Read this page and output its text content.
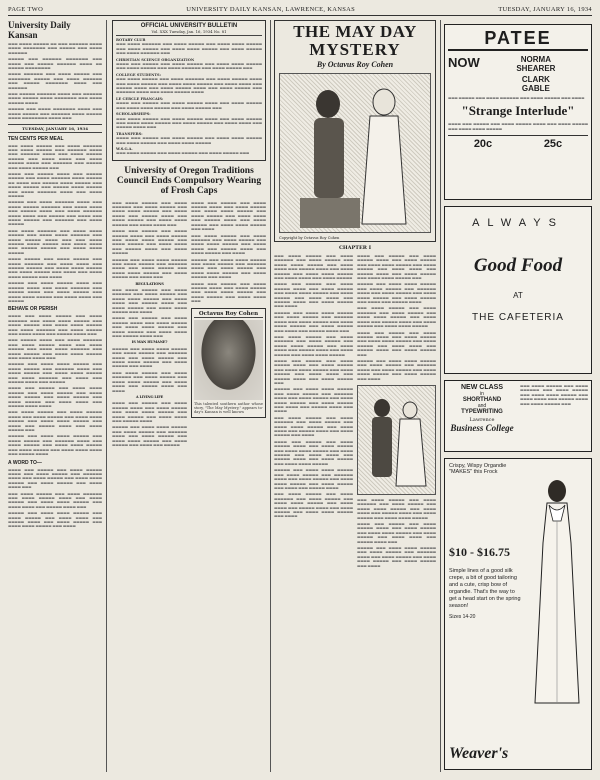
PAGE TWO	UNIVERSITY DAILY KANSAN, LAWRENCE, KANSAS	TUESDAY, JANUARY 16, 1934
University Daily Kansan

▬▬▬ ▬▬▬▬ ▬▬▬▬▬ ▬▬ ▬▬▬ ▬▬▬▬▬▬ ▬▬▬▬ ▬▬▬▬ ▬▬▬▬▬▬▬ ▬▬▬ ▬▬▬▬▬ ▬▬▬ ▬▬▬▬ ▬▬▬▬▬▬

▬▬▬▬▬ ▬▬▬ ▬▬▬▬▬▬ ▬▬▬▬▬▬▬ ▬▬▬ ▬▬▬▬ ▬▬▬ ▬▬▬▬▬ ▬▬▬▬▬▬ ▬▬▬▬ ▬▬ ▬▬▬▬▬ ▬▬▬▬▬▬▬▬

▬▬▬▬ ▬▬▬▬▬▬ ▬▬▬ ▬▬▬▬ ▬▬▬▬▬ ▬▬▬ ▬▬▬▬▬▬▬ ▬▬▬▬▬ ▬▬▬ ▬▬▬▬ ▬▬▬▬▬▬ ▬▬▬ ▬▬▬▬▬ ▬▬▬▬▬▬▬ ▬▬▬▬ ▬▬▬ ▬▬▬▬▬▬

▬▬▬ ▬▬▬▬▬ ▬▬▬▬▬▬ ▬▬▬▬ ▬▬▬ ▬▬▬▬▬▬ ▬▬▬▬ ▬▬▬▬▬ ▬▬▬▬ ▬▬▬▬▬▬▬ ▬▬▬ ▬▬▬▬ ▬▬▬▬▬ ▬▬▬▬

▬▬▬▬▬ ▬▬▬ ▬▬▬▬ ▬▬▬▬▬▬▬ ▬▬▬▬ ▬▬▬ ▬▬▬▬ ▬▬▬▬▬ ▬▬▬ ▬▬▬▬▬▬ ▬▬▬▬ ▬▬▬▬▬ ▬▬▬▬ ▬▬▬▬▬▬▬▬ ▬▬▬▬ ▬▬▬

TUESDAY, JANUARY 16, 1934
TEN CENTS PER MEAL

▬▬▬ ▬▬▬▬ ▬▬▬▬▬ ▬▬▬ ▬▬▬▬ ▬▬▬▬▬▬ ▬▬▬ ▬▬▬▬ ▬▬▬▬▬ ▬▬▬ ▬▬▬▬▬▬ ▬▬▬▬ ▬▬▬ ▬▬▬▬▬▬ ▬▬▬▬ ▬▬▬ ▬▬▬▬ ▬▬▬▬▬ ▬▬▬▬▬ ▬▬▬ ▬▬▬▬ ▬▬▬▬ ▬▬▬ ▬▬▬▬ ▬▬▬▬▬ ▬▬▬▬ ▬▬▬ ▬▬▬▬▬▬ ▬▬▬ ▬▬▬▬▬ ▬▬▬ ▬▬▬▬ ▬▬▬▬▬ ▬▬▬

▬▬▬▬ ▬▬▬ ▬▬▬▬▬ ▬▬▬▬ ▬▬▬ ▬▬▬▬▬ ▬▬▬▬▬ ▬▬▬ ▬▬▬▬ ▬▬▬▬▬▬ ▬▬▬▬ ▬▬▬▬▬ ▬▬ ▬▬▬▬ ▬▬▬ ▬▬▬▬▬ ▬▬▬▬ ▬▬▬▬▬ ▬▬▬ ▬▬▬▬ ▬▬▬▬▬ ▬▬▬ ▬▬▬▬▬ ▬▬▬▬ ▬▬▬▬▬ ▬▬▬ ▬▬▬▬ ▬▬▬▬▬▬ ▬▬▬▬ ▬▬▬ ▬▬▬▬ ▬▬▬▬▬

▬▬▬▬▬ ▬▬▬ ▬▬▬▬ ▬▬▬▬▬▬ ▬▬▬▬ ▬▬▬ ▬▬▬▬ ▬▬▬▬▬ ▬▬▬▬▬▬ ▬▬▬ ▬▬▬▬ ▬▬▬▬ ▬▬▬ ▬▬▬▬▬ ▬▬▬▬ ▬▬▬ ▬▬▬▬ ▬▬▬▬▬▬ ▬▬▬▬ ▬▬▬▬ ▬▬▬ ▬▬▬▬▬ ▬▬▬ ▬▬▬▬ ▬▬▬ ▬▬▬▬ ▬▬▬▬▬ ▬▬▬ ▬▬▬▬▬▬ ▬▬▬ ▬▬▬▬ ▬▬▬▬▬

▬▬▬ ▬▬▬▬ ▬▬▬▬▬▬ ▬▬▬ ▬▬▬▬ ▬▬▬▬ ▬▬▬▬▬ ▬▬▬ ▬▬▬▬ ▬▬▬▬ ▬▬▬▬▬▬ ▬▬▬ ▬▬▬▬ ▬▬▬▬▬ ▬▬▬▬ ▬▬▬ ▬▬▬ ▬▬▬▬ ▬▬▬▬▬ ▬▬▬▬ ▬▬▬▬▬ ▬▬▬ ▬▬▬▬ ▬▬▬▬ ▬▬▬ ▬▬▬▬▬ ▬▬▬▬▬ ▬▬▬ ▬▬▬▬ ▬▬▬▬ ▬▬▬▬▬

▬▬▬▬ ▬▬▬▬▬ ▬▬▬ ▬▬▬▬ ▬▬▬▬▬ ▬▬▬ ▬▬▬▬ ▬▬▬▬▬▬ ▬▬▬ ▬▬▬▬ ▬▬▬▬ ▬▬▬ ▬▬▬▬▬ ▬▬▬▬▬ ▬▬▬ ▬▬▬▬ ▬▬▬▬ ▬▬▬▬▬ ▬▬▬ ▬▬▬▬ ▬▬▬▬▬ ▬▬▬ ▬▬▬▬ ▬▬▬ ▬▬▬▬ ▬▬▬▬ ▬▬▬▬▬ ▬▬▬ ▬▬▬▬

▬▬▬▬▬ ▬▬▬ ▬▬▬▬ ▬▬▬▬▬ ▬▬▬▬ ▬▬▬ ▬▬▬▬▬ ▬▬▬▬ ▬▬▬ ▬▬▬▬ ▬▬▬▬▬▬ ▬▬▬ ▬▬▬▬▬ ▬▬▬▬ ▬▬▬ ▬▬▬▬ ▬▬▬▬▬ ▬▬▬ ▬▬▬▬ ▬▬▬▬ ▬▬▬▬▬ ▬▬▬ ▬▬▬▬ ▬▬▬▬ ▬▬▬ ▬▬▬▬▬

BEHAVE OR PERISH

▬▬▬▬ ▬▬▬ ▬▬▬▬ ▬▬▬▬▬ ▬▬▬ ▬▬▬▬ ▬▬▬▬▬▬ ▬▬▬ ▬▬▬▬ ▬▬▬▬ ▬▬▬▬▬ ▬▬▬ ▬▬▬▬ ▬▬▬▬▬ ▬▬▬ ▬▬▬▬ ▬▬▬▬ ▬▬▬▬▬ ▬▬▬ ▬▬▬▬ ▬▬▬▬▬▬ ▬▬▬ ▬▬▬▬ ▬▬▬▬▬ ▬▬▬ ▬▬▬▬ ▬▬▬▬ ▬▬▬ ▬▬▬▬▬ ▬▬▬▬ ▬▬▬

▬▬▬ ▬▬▬▬▬ ▬▬▬▬ ▬▬▬ ▬▬▬▬ ▬▬▬▬▬▬ ▬▬▬ ▬▬▬▬ ▬▬▬▬▬ ▬▬▬▬ ▬▬▬ ▬▬▬▬ ▬▬▬▬▬ ▬▬▬ ▬▬▬▬ ▬▬▬▬ ▬▬▬▬▬▬ ▬▬▬ ▬▬▬▬ ▬▬▬▬▬ ▬▬▬ ▬▬▬▬ ▬▬▬▬ ▬▬▬▬▬ ▬▬▬ ▬▬▬▬ ▬▬▬▬ ▬▬▬

▬▬▬▬▬ ▬▬▬ ▬▬▬▬ ▬▬▬▬ ▬▬▬▬▬ ▬▬▬ ▬▬▬▬ ▬▬▬▬▬ ▬▬▬ ▬▬▬▬▬▬ ▬▬▬▬ ▬▬▬ ▬▬▬▬ ▬▬▬▬▬ ▬▬▬ ▬▬▬▬ ▬▬▬▬ ▬▬▬▬▬ ▬▬▬ ▬▬▬▬ ▬▬▬▬▬▬ ▬▬▬ ▬▬▬▬ ▬▬▬ ▬▬▬▬▬ ▬▬▬▬ ▬▬▬ ▬▬▬▬▬

▬▬▬▬ ▬▬▬ ▬▬▬▬▬ ▬▬▬ ▬▬▬▬ ▬▬▬▬ ▬▬▬▬▬ ▬▬▬ ▬▬▬▬ ▬▬▬▬▬ ▬▬▬ ▬▬▬▬ ▬▬▬▬ ▬▬▬▬▬ ▬▬▬ ▬▬▬▬ ▬▬▬▬▬ ▬▬▬ ▬▬▬▬ ▬▬▬▬▬ ▬▬▬ ▬▬▬▬ ▬▬▬▬ ▬▬▬ ▬▬▬▬▬ ▬▬▬▬ ▬▬▬▬

▬▬▬ ▬▬▬▬ ▬▬▬▬▬ ▬▬▬ ▬▬▬▬ ▬▬▬▬▬ ▬▬▬▬ ▬▬▬ ▬▬▬▬ ▬▬▬▬▬ ▬▬▬ ▬▬▬▬ ▬▬▬▬ ▬▬▬▬▬ ▬▬▬ ▬▬▬▬ ▬▬▬▬ ▬▬▬▬▬ ▬▬▬ ▬▬▬▬ ▬▬▬ ▬▬▬▬▬ ▬▬▬▬ ▬▬▬ ▬▬▬▬ ▬▬▬▬▬ ▬▬▬

▬▬▬▬▬ ▬▬▬ ▬▬▬▬ ▬▬▬▬ ▬▬▬▬▬ ▬▬▬ ▬▬▬▬ ▬▬▬▬▬ ▬▬▬ ▬▬▬▬▬▬ ▬▬▬▬ ▬▬▬ ▬▬▬▬ ▬▬▬▬▬ ▬▬▬ ▬▬▬▬ ▬▬▬▬ ▬▬▬▬▬ ▬▬▬ ▬▬▬▬ ▬▬▬▬▬ ▬▬▬ ▬▬▬▬ ▬▬▬▬ ▬▬▬▬ ▬▬▬ ▬▬▬▬▬ ▬▬▬▬

A WORD TO—

▬▬▬▬ ▬▬▬ ▬▬▬▬▬ ▬▬▬ ▬▬▬▬ ▬▬▬▬▬ ▬▬▬▬ ▬▬▬ ▬▬▬▬ ▬▬▬▬▬ ▬▬▬ ▬▬▬▬▬▬ ▬▬▬▬ ▬▬▬ ▬▬▬▬ ▬▬▬▬▬ ▬▬▬ ▬▬▬▬ ▬▬▬▬ ▬▬▬▬▬ ▬▬▬ ▬▬▬▬ ▬▬▬▬▬ ▬▬▬ ▬▬▬▬ ▬▬▬▬ ▬▬▬

▬▬▬ ▬▬▬▬ ▬▬▬▬▬ ▬▬▬ ▬▬▬▬ ▬▬▬▬▬▬ ▬▬▬ ▬▬▬▬ ▬▬▬▬▬ ▬▬▬▬ ▬▬▬ ▬▬▬▬ ▬▬▬▬▬ ▬▬▬ ▬▬▬▬ ▬▬▬▬ ▬▬▬▬▬ ▬▬▬ ▬▬▬▬ ▬▬▬▬ ▬▬▬ ▬▬▬▬▬ ▬▬▬▬ ▬▬▬

▬▬▬▬▬ ▬▬▬ ▬▬▬▬ ▬▬▬▬ ▬▬▬▬▬ ▬▬▬ ▬▬▬▬ ▬▬▬▬▬ ▬▬▬ ▬▬▬▬ ▬▬▬▬ ▬▬▬ ▬▬▬▬▬ ▬▬▬▬ ▬▬▬ ▬▬▬▬ ▬▬▬▬▬ ▬▬▬ ▬▬▬▬ ▬▬▬▬ ▬▬▬▬▬ ▬▬▬ ▬▬▬▬

OFFICIAL UNIVERSITY BULLETIN
Vol. XXX Tuesday, Jan. 16, 1934 No. 81
ROTARY CLUB

▬▬▬ ▬▬▬▬ ▬▬▬▬▬▬ ▬▬▬ ▬▬▬▬ ▬▬▬▬▬ ▬▬▬ ▬▬▬▬ ▬▬▬▬ ▬▬▬▬▬ ▬▬▬ ▬▬▬▬ ▬▬▬▬▬ ▬▬▬ ▬▬▬▬ ▬▬▬▬ ▬▬▬▬▬ ▬▬▬ ▬▬▬▬ ▬▬▬▬▬ ▬▬▬ ▬▬▬▬ ▬▬▬▬▬▬ ▬▬▬

CHRISTIAN SCIENCE ORGANIZATION

▬▬▬▬ ▬▬▬ ▬▬▬▬▬ ▬▬▬ ▬▬▬▬ ▬▬▬▬▬ ▬▬▬ ▬▬▬▬ ▬▬▬▬ ▬▬▬▬▬ ▬▬▬ ▬▬▬▬ ▬▬▬▬▬ ▬▬▬ ▬▬▬▬ ▬▬▬▬▬▬ ▬▬▬ ▬▬▬▬ ▬▬▬▬▬ ▬▬▬

COLLEGE STUDENTS:

▬▬▬ ▬▬▬▬ ▬▬▬▬▬ ▬▬▬ ▬▬▬▬ ▬▬▬▬▬▬ ▬▬▬ ▬▬▬▬ ▬▬▬▬▬ ▬▬▬▬ ▬▬▬ ▬▬▬▬ ▬▬▬▬▬ ▬▬▬ ▬▬▬▬ ▬▬▬▬ ▬▬▬▬▬ ▬▬▬ ▬▬▬▬ ▬▬▬▬ ▬▬▬ ▬▬▬▬▬ ▬▬▬▬ ▬▬▬ ▬▬▬▬ ▬▬▬▬▬ ▬▬▬▬ ▬▬▬ ▬▬▬▬ ▬▬▬▬▬ ▬▬▬ ▬▬▬▬▬▬ ▬▬▬▬ ▬▬▬ ▬▬▬▬ ▬▬▬▬▬ ▬▬▬▬

LE CERCLE FRANCAIS:

▬▬▬▬ ▬▬▬ ▬▬▬▬▬ ▬▬▬ ▬▬▬▬ ▬▬▬▬▬ ▬▬▬▬ ▬▬▬ ▬▬▬▬ ▬▬▬▬▬ ▬▬▬ ▬▬▬▬ ▬▬▬▬ ▬▬▬▬▬ ▬▬▬ ▬▬▬▬ ▬▬▬▬▬ ▬▬▬

SCHOLARSHIPS:

▬▬▬ ▬▬▬▬ ▬▬▬▬▬ ▬▬▬ ▬▬▬▬ ▬▬▬▬▬ ▬▬▬▬ ▬▬▬ ▬▬▬▬ ▬▬▬▬▬ ▬▬▬ ▬▬▬▬ ▬▬▬▬ ▬▬▬▬▬ ▬▬▬ ▬▬▬▬ ▬▬▬▬▬ ▬▬▬ ▬▬▬▬ ▬▬▬▬ ▬▬▬ ▬▬▬▬▬ ▬▬▬▬ ▬▬▬

TRANSFERS:

▬▬▬▬ ▬▬▬ ▬▬▬▬▬ ▬▬▬ ▬▬▬▬ ▬▬▬▬▬ ▬▬▬ ▬▬▬▬ ▬▬▬▬ ▬▬▬▬▬ ▬▬▬ ▬▬▬▬ ▬▬▬▬▬ ▬▬▬ ▬▬▬▬ ▬▬▬▬ ▬▬▬▬▬

W.S.G.A.

▬▬▬ ▬▬▬▬ ▬▬▬▬▬ ▬▬▬ ▬▬▬▬ ▬▬▬▬▬ ▬▬▬ ▬▬▬▬ ▬▬▬▬▬ ▬▬▬

University of Oregon Traditions Council Ends Compulsory Wearing of Frosh Caps

▬▬▬ ▬▬▬▬ ▬▬▬▬▬ ▬▬▬ ▬▬▬▬ ▬▬▬▬▬▬ ▬▬▬ ▬▬▬▬ ▬▬▬▬▬ ▬▬▬ ▬▬▬▬ ▬▬▬▬ ▬▬▬▬▬ ▬▬▬ ▬▬▬▬ ▬▬▬▬ ▬▬▬ ▬▬▬▬▬ ▬▬▬▬ ▬▬▬ ▬▬▬▬ ▬▬▬▬▬ ▬▬▬ ▬▬▬▬ ▬▬▬▬ ▬▬▬▬▬ ▬▬▬ ▬▬▬▬ ▬▬▬▬ ▬▬▬

▬▬▬▬ ▬▬▬ ▬▬▬▬▬ ▬▬▬ ▬▬▬▬ ▬▬▬▬▬ ▬▬▬▬ ▬▬▬ ▬▬▬▬ ▬▬▬▬▬ ▬▬▬ ▬▬▬▬ ▬▬▬▬ ▬▬▬▬▬ ▬▬▬ ▬▬▬▬ ▬▬▬▬▬ ▬▬▬ ▬▬▬▬ ▬▬▬▬ ▬▬▬ ▬▬▬▬▬ ▬▬▬▬ ▬▬▬ ▬▬▬▬ ▬▬▬▬▬

▬▬▬▬▬ ▬▬▬ ▬▬▬▬ ▬▬▬▬ ▬▬▬▬▬ ▬▬▬ ▬▬▬▬ ▬▬▬▬▬ ▬▬▬ ▬▬▬▬▬▬ ▬▬▬▬ ▬▬▬ ▬▬▬▬ ▬▬▬▬▬ ▬▬▬ ▬▬▬▬ ▬▬▬▬ ▬▬▬▬▬ ▬▬▬ ▬▬▬▬ ▬▬▬▬▬ ▬▬▬ ▬▬▬▬ ▬▬▬

REGULATIONS

▬▬▬ ▬▬▬▬ ▬▬▬▬▬ ▬▬▬ ▬▬▬▬ ▬▬▬▬▬▬ ▬▬▬ ▬▬▬▬ ▬▬▬▬▬ ▬▬▬ ▬▬▬▬ ▬▬▬▬ ▬▬▬▬▬ ▬▬▬ ▬▬▬▬ ▬▬▬▬ ▬▬▬ ▬▬▬▬▬ ▬▬▬▬ ▬▬▬ ▬▬▬▬ ▬▬▬▬▬ ▬▬▬ ▬▬▬▬ ▬▬▬▬ ▬▬▬▬▬ ▬▬▬ ▬▬▬▬

▬▬▬▬ ▬▬▬ ▬▬▬▬▬ ▬▬▬ ▬▬▬▬ ▬▬▬▬▬ ▬▬▬▬ ▬▬▬ ▬▬▬▬ ▬▬▬▬▬ ▬▬▬ ▬▬▬▬ ▬▬▬▬ ▬▬▬▬▬ ▬▬▬ ▬▬▬▬ ▬▬▬▬▬ ▬▬▬ ▬▬▬▬ ▬▬▬▬ ▬▬▬ ▬▬▬▬▬ ▬▬▬▬ ▬▬▬

IS MAN HUMANE?

▬▬▬▬▬ ▬▬▬ ▬▬▬▬ ▬▬▬▬ ▬▬▬▬▬ ▬▬▬ ▬▬▬▬ ▬▬▬▬▬ ▬▬▬ ▬▬▬▬▬▬ ▬▬▬▬ ▬▬▬ ▬▬▬▬ ▬▬▬▬▬ ▬▬▬ ▬▬▬▬ ▬▬▬▬ ▬▬▬▬▬ ▬▬▬ ▬▬▬▬ ▬▬▬▬▬ ▬▬▬ ▬▬▬▬

▬▬▬ ▬▬▬▬ ▬▬▬▬▬ ▬▬▬ ▬▬▬▬ ▬▬▬▬▬▬ ▬▬▬ ▬▬▬▬ ▬▬▬▬▬ ▬▬▬ ▬▬▬▬ ▬▬▬▬ ▬▬▬▬▬ ▬▬▬ ▬▬▬▬ ▬▬▬▬ ▬▬▬ ▬▬▬▬▬ ▬▬▬▬ ▬▬▬ ▬▬▬▬

A LIVING LIFE

▬▬▬▬ ▬▬▬ ▬▬▬▬▬ ▬▬▬ ▬▬▬▬ ▬▬▬▬▬ ▬▬▬▬ ▬▬▬ ▬▬▬▬ ▬▬▬▬▬ ▬▬▬ ▬▬▬▬ ▬▬▬▬ ▬▬▬▬▬ ▬▬▬ ▬▬▬▬ ▬▬▬▬▬ ▬▬▬ ▬▬▬▬ ▬▬▬▬ ▬▬▬ ▬▬▬▬▬ ▬▬▬▬

▬▬▬▬▬ ▬▬▬ ▬▬▬▬ ▬▬▬▬ ▬▬▬▬▬ ▬▬▬ ▬▬▬▬ ▬▬▬▬▬ ▬▬▬ ▬▬▬▬▬▬ ▬▬▬▬ ▬▬▬ ▬▬▬▬ ▬▬▬▬▬ ▬▬▬ ▬▬▬▬ ▬▬▬▬ ▬▬▬▬▬ ▬▬▬ ▬▬▬▬ ▬▬▬▬▬ ▬▬▬ ▬▬▬▬ ▬▬▬ ▬▬▬▬▬

▬▬▬▬ ▬▬▬ ▬▬▬▬▬ ▬▬▬ ▬▬▬▬ ▬▬▬▬▬ ▬▬▬▬ ▬▬▬ ▬▬▬▬ ▬▬▬▬▬ ▬▬▬ ▬▬▬▬ ▬▬▬▬ ▬▬▬▬▬ ▬▬▬ ▬▬▬▬ ▬▬▬▬▬ ▬▬▬ ▬▬▬▬ ▬▬▬▬ ▬▬▬ ▬▬▬▬▬ ▬▬▬▬ ▬▬▬ ▬▬▬▬ ▬▬▬▬▬ ▬▬▬ ▬▬▬▬ ▬▬▬▬ ▬▬▬▬▬ ▬▬▬ ▬▬▬▬

▬▬▬ ▬▬▬▬ ▬▬▬▬▬ ▬▬▬ ▬▬▬▬ ▬▬▬▬▬▬ ▬▬▬ ▬▬▬▬ ▬▬▬▬▬ ▬▬▬ ▬▬▬▬ ▬▬▬▬ ▬▬▬▬▬ ▬▬▬ ▬▬▬▬ ▬▬▬▬ ▬▬▬ ▬▬▬▬▬ ▬▬▬▬ ▬▬▬ ▬▬▬▬ ▬▬▬▬▬ ▬▬▬ ▬▬▬▬

▬▬▬▬▬ ▬▬▬ ▬▬▬▬ ▬▬▬▬ ▬▬▬▬▬ ▬▬▬ ▬▬▬▬ ▬▬▬▬▬ ▬▬▬ ▬▬▬▬▬▬ ▬▬▬▬ ▬▬▬ ▬▬▬▬ ▬▬▬▬▬ ▬▬▬ ▬▬▬▬ ▬▬▬▬ ▬▬▬▬▬ ▬▬▬ ▬▬▬▬ ▬▬▬▬▬ ▬▬▬ ▬▬▬▬

▬▬▬▬ ▬▬▬ ▬▬▬▬▬ ▬▬▬ ▬▬▬▬ ▬▬▬▬▬ ▬▬▬▬ ▬▬▬ ▬▬▬▬ ▬▬▬▬▬ ▬▬▬ ▬▬▬▬ ▬▬▬▬ ▬▬▬▬▬ ▬▬▬ ▬▬▬▬ ▬▬▬▬▬ ▬▬▬ ▬▬▬▬ ▬▬▬▬ ▬▬▬

Octavus Roy Cohen
This talented southern author whose story, "The May Mystery," appears to-day's Kansan is well known
THE MAY DAY
MYSTERY
By Octavus Roy Cohen
Copyright by Octavus Roy Cohen
CHAPTER I

▬▬▬ ▬▬▬▬ ▬▬▬▬▬ ▬▬▬ ▬▬▬▬ ▬▬▬▬▬▬ ▬▬▬ ▬▬▬▬ ▬▬▬▬▬ ▬▬▬ ▬▬▬▬ ▬▬▬▬ ▬▬▬▬▬ ▬▬▬ ▬▬▬▬ ▬▬▬▬ ▬▬▬ ▬▬▬▬▬ ▬▬▬▬ ▬▬▬ ▬▬▬▬ ▬▬▬▬▬ ▬▬▬ ▬▬▬▬ ▬▬▬▬ ▬▬▬▬▬ ▬▬▬ ▬▬▬▬ ▬▬▬▬ ▬▬▬ ▬▬▬▬ ▬▬▬▬▬

▬▬▬▬ ▬▬▬ ▬▬▬▬▬ ▬▬▬ ▬▬▬▬ ▬▬▬▬▬ ▬▬▬▬ ▬▬▬ ▬▬▬▬ ▬▬▬▬▬ ▬▬▬ ▬▬▬▬ ▬▬▬▬ ▬▬▬▬▬ ▬▬▬ ▬▬▬▬ ▬▬▬▬▬ ▬▬▬ ▬▬▬▬ ▬▬▬▬ ▬▬▬ ▬▬▬▬▬ ▬▬▬▬ ▬▬▬ ▬▬▬▬ ▬▬▬▬▬ ▬▬▬ ▬▬▬▬

▬▬▬▬▬ ▬▬▬ ▬▬▬▬ ▬▬▬▬ ▬▬▬▬▬ ▬▬▬ ▬▬▬▬ ▬▬▬▬▬ ▬▬▬ ▬▬▬▬▬▬ ▬▬▬▬ ▬▬▬ ▬▬▬▬ ▬▬▬▬▬ ▬▬▬ ▬▬▬▬ ▬▬▬▬ ▬▬▬▬▬ ▬▬▬ ▬▬▬▬ ▬▬▬▬▬ ▬▬▬ ▬▬▬▬ ▬▬▬ ▬▬▬▬▬ ▬▬▬▬ ▬▬▬

▬▬▬ ▬▬▬▬ ▬▬▬▬▬ ▬▬▬ ▬▬▬▬ ▬▬▬▬▬▬ ▬▬▬ ▬▬▬▬ ▬▬▬▬▬ ▬▬▬ ▬▬▬▬ ▬▬▬▬ ▬▬▬▬▬ ▬▬▬ ▬▬▬▬ ▬▬▬▬ ▬▬▬ ▬▬▬▬▬ ▬▬▬▬ ▬▬▬ ▬▬▬▬ ▬▬▬▬▬ ▬▬▬ ▬▬▬▬ ▬▬▬▬ ▬▬▬▬▬

▬▬▬▬ ▬▬▬ ▬▬▬▬▬ ▬▬▬ ▬▬▬▬ ▬▬▬▬▬ ▬▬▬▬ ▬▬▬ ▬▬▬▬ ▬▬▬▬▬ ▬▬▬ ▬▬▬▬ ▬▬▬▬ ▬▬▬▬▬ ▬▬▬ ▬▬▬▬ ▬▬▬▬▬ ▬▬▬ ▬▬▬▬ ▬▬▬▬ ▬▬▬ ▬▬▬▬▬ ▬▬▬▬ ▬▬▬ ▬▬▬▬ ▬▬▬▬▬ ▬▬▬

▬▬▬▬▬ ▬▬▬ ▬▬▬▬ ▬▬▬▬ ▬▬▬▬▬ ▬▬▬ ▬▬▬▬ ▬▬▬▬▬ ▬▬▬ ▬▬▬▬▬▬ ▬▬▬▬ ▬▬▬ ▬▬▬▬ ▬▬▬▬▬ ▬▬▬ ▬▬▬▬ ▬▬▬▬ ▬▬▬▬▬ ▬▬▬ ▬▬▬▬ ▬▬▬▬▬ ▬▬▬ ▬▬▬▬ ▬▬▬ ▬▬▬▬▬ ▬▬▬▬ ▬▬▬ ▬▬▬▬

▬▬▬ ▬▬▬▬ ▬▬▬▬▬ ▬▬▬ ▬▬▬▬ ▬▬▬▬▬▬ ▬▬▬ ▬▬▬▬ ▬▬▬▬▬ ▬▬▬ ▬▬▬▬ ▬▬▬▬ ▬▬▬▬▬ ▬▬▬ ▬▬▬▬ ▬▬▬▬ ▬▬▬ ▬▬▬▬▬ ▬▬▬▬ ▬▬▬ ▬▬▬▬ ▬▬▬▬▬ ▬▬▬ ▬▬▬▬

▬▬▬▬ ▬▬▬ ▬▬▬▬▬ ▬▬▬ ▬▬▬▬ ▬▬▬▬▬ ▬▬▬▬ ▬▬▬ ▬▬▬▬ ▬▬▬▬▬ ▬▬▬ ▬▬▬▬ ▬▬▬▬ ▬▬▬▬▬ ▬▬▬ ▬▬▬▬ ▬▬▬▬▬ ▬▬▬ ▬▬▬▬ ▬▬▬▬ ▬▬▬ ▬▬▬▬▬ ▬▬▬▬ ▬▬▬ ▬▬▬▬ ▬▬▬▬▬ ▬▬▬ ▬▬▬▬ ▬▬▬▬ ▬▬▬▬▬

▬▬▬▬▬ ▬▬▬ ▬▬▬▬ ▬▬▬▬ ▬▬▬▬▬ ▬▬▬ ▬▬▬▬ ▬▬▬▬▬ ▬▬▬ ▬▬▬▬▬▬ ▬▬▬▬ ▬▬▬ ▬▬▬▬ ▬▬▬▬▬ ▬▬▬ ▬▬▬▬ ▬▬▬▬ ▬▬▬▬▬ ▬▬▬ ▬▬▬▬ ▬▬▬▬▬ ▬▬▬ ▬▬▬▬ ▬▬▬ ▬▬▬▬▬ ▬▬▬▬

▬▬▬ ▬▬▬▬ ▬▬▬▬▬ ▬▬▬ ▬▬▬▬ ▬▬▬▬▬▬ ▬▬▬ ▬▬▬▬ ▬▬▬▬▬ ▬▬▬ ▬▬▬▬ ▬▬▬▬ ▬▬▬▬▬ ▬▬▬ ▬▬▬▬ ▬▬▬▬ ▬▬▬ ▬▬▬▬▬ ▬▬▬▬ ▬▬▬ ▬▬▬▬ ▬▬▬▬▬ ▬▬▬ ▬▬▬▬ ▬▬▬▬ ▬▬▬▬▬ ▬▬▬ ▬▬▬▬

▬▬▬▬ ▬▬▬ ▬▬▬▬▬ ▬▬▬ ▬▬▬▬ ▬▬▬▬▬ ▬▬▬▬ ▬▬▬ ▬▬▬▬ ▬▬▬▬▬ ▬▬▬ ▬▬▬▬ ▬▬▬▬ ▬▬▬▬▬ ▬▬▬ ▬▬▬▬ ▬▬▬▬▬ ▬▬▬ ▬▬▬▬ ▬▬▬▬ ▬▬▬ ▬▬▬▬▬ ▬▬▬▬ ▬▬▬ ▬▬▬▬ ▬▬▬▬▬ ▬▬▬ ▬▬▬▬ ▬▬▬▬ ▬▬▬▬▬ ▬▬▬

▬▬▬▬▬ ▬▬▬ ▬▬▬▬ ▬▬▬▬ ▬▬▬▬▬ ▬▬▬ ▬▬▬▬ ▬▬▬▬▬ ▬▬▬ ▬▬▬▬▬▬ ▬▬▬▬ ▬▬▬ ▬▬▬▬ ▬▬▬▬▬ ▬▬▬ ▬▬▬▬ ▬▬▬▬ ▬▬▬▬▬ ▬▬▬ ▬▬▬▬ ▬▬▬▬▬ ▬▬▬ ▬▬▬▬ ▬▬▬ ▬▬▬▬▬ ▬▬▬▬

▬▬▬ ▬▬▬▬ ▬▬▬▬▬ ▬▬▬ ▬▬▬▬ ▬▬▬▬▬▬ ▬▬▬ ▬▬▬▬ ▬▬▬▬▬ ▬▬▬ ▬▬▬▬ ▬▬▬▬ ▬▬▬▬▬ ▬▬▬ ▬▬▬▬ ▬▬▬▬ ▬▬▬ ▬▬▬▬▬ ▬▬▬▬ ▬▬▬ ▬▬▬▬ ▬▬▬▬▬ ▬▬▬ ▬▬▬▬ ▬▬▬▬ ▬▬▬▬▬

▬▬▬▬ ▬▬▬ ▬▬▬▬▬ ▬▬▬ ▬▬▬▬ ▬▬▬▬▬ ▬▬▬▬ ▬▬▬ ▬▬▬▬ ▬▬▬▬▬ ▬▬▬ ▬▬▬▬ ▬▬▬▬ ▬▬▬▬▬ ▬▬▬ ▬▬▬▬ ▬▬▬▬▬ ▬▬▬ ▬▬▬▬ ▬▬▬▬ ▬▬▬ ▬▬▬▬▬ ▬▬▬▬ ▬▬▬ ▬▬▬▬ ▬▬▬▬▬ ▬▬▬

▬▬▬▬▬ ▬▬▬ ▬▬▬▬ ▬▬▬▬ ▬▬▬▬▬ ▬▬▬ ▬▬▬▬ ▬▬▬▬▬ ▬▬▬ ▬▬▬▬▬▬ ▬▬▬▬ ▬▬▬ ▬▬▬▬ ▬▬▬▬▬ ▬▬▬ ▬▬▬▬ ▬▬▬▬ ▬▬▬▬▬ ▬▬▬ ▬▬▬▬ ▬▬▬▬▬ ▬▬▬ ▬▬▬▬

▬▬▬ ▬▬▬▬ ▬▬▬▬▬ ▬▬▬ ▬▬▬▬ ▬▬▬▬▬▬ ▬▬▬ ▬▬▬▬ ▬▬▬▬▬ ▬▬▬ ▬▬▬▬ ▬▬▬▬ ▬▬▬▬▬ ▬▬▬ ▬▬▬▬ ▬▬▬▬ ▬▬▬ ▬▬▬▬▬ ▬▬▬▬ ▬▬▬ ▬▬▬▬ ▬▬▬▬▬ ▬▬▬ ▬▬▬▬ ▬▬▬▬ ▬▬▬▬▬

▬▬▬▬ ▬▬▬ ▬▬▬▬▬ ▬▬▬ ▬▬▬▬ ▬▬▬▬▬ ▬▬▬▬ ▬▬▬ ▬▬▬▬ ▬▬▬▬▬ ▬▬▬ ▬▬▬▬ ▬▬▬▬ ▬▬▬▬▬ ▬▬▬ ▬▬▬▬ ▬▬▬▬▬ ▬▬▬ ▬▬▬▬ ▬▬▬▬ ▬▬▬ ▬▬▬▬▬ ▬▬▬▬ ▬▬▬

▬▬▬▬▬ ▬▬▬ ▬▬▬▬ ▬▬▬▬ ▬▬▬▬▬ ▬▬▬ ▬▬▬▬ ▬▬▬▬▬ ▬▬▬ ▬▬▬▬▬▬ ▬▬▬▬ ▬▬▬ ▬▬▬▬ ▬▬▬▬▬ ▬▬▬ ▬▬▬▬ ▬▬▬▬ ▬▬▬▬▬ ▬▬▬ ▬▬▬▬ ▬▬▬▬▬ ▬▬▬ ▬▬▬▬

PATEE
NOW	NORMA
SHEARER
CLARK
GABLE
▬▬▬ ▬▬▬▬▬ ▬▬▬ ▬▬▬▬ ▬▬▬▬▬▬ ▬▬▬ ▬▬▬▬ ▬▬▬▬▬ ▬▬▬ ▬▬▬▬
"Strange Interlude"
▬▬▬▬ ▬▬▬ ▬▬▬▬▬ ▬▬▬ ▬▬▬▬ ▬▬▬▬▬ ▬▬▬▬ ▬▬▬ ▬▬▬▬ ▬▬▬▬▬ ▬▬▬ ▬▬▬▬ ▬▬▬▬ ▬▬▬▬▬
20c	25c
ALWAYS
Good Food
AT
THE CAFETERIA
NEW CLASS
in
SHORTHAND
and
TYPEWRITING
Lawrence
Business College
▬▬▬ ▬▬▬▬ ▬▬▬▬▬ ▬▬▬ ▬▬▬▬ ▬▬▬▬▬▬ ▬▬▬ ▬▬▬▬ ▬▬▬▬▬ ▬▬▬ ▬▬▬▬ ▬▬▬▬ ▬▬▬▬▬ ▬▬▬ ▬▬▬▬ ▬▬▬▬ ▬▬▬ ▬▬▬▬▬ ▬▬▬▬ ▬▬▬ ▬▬▬▬ ▬▬▬▬▬ ▬▬▬
Crispy, Wispy Organdie "MAKES" this Frock
$10 - $16.75
Simple lines of a good silk crepe, a bit of good tailoring and a cute, crisp bow of organdie. That's the way to get a head start on the spring season!
Sizes 14-20
Weaver's
